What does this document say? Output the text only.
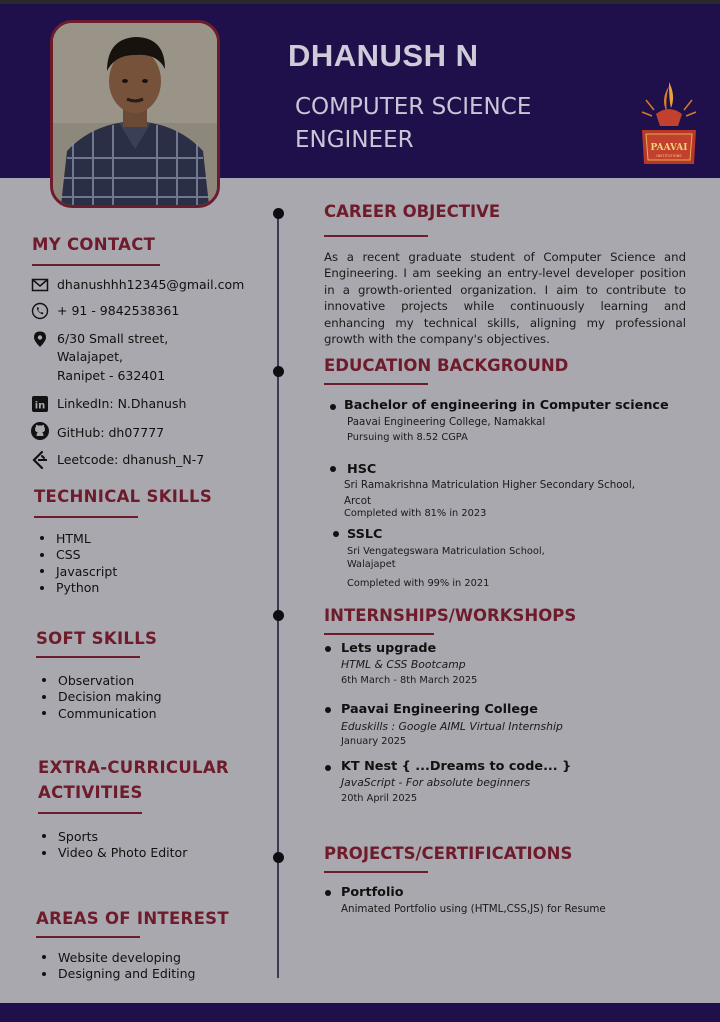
DHANUSH N
COMPUTER SCIENCE
ENGINEER	PAAVAI
INSTITUTIONS
MY CONTACT
dhanushhh12345@gmail.com
+ 91 - 9842538361
6/30 Small street,
Walajapet,
Ranipet - 632401
in LinkedIn: N.Dhanush
GitHub: dh07777
Leetcode: dhanush_N-7
TECHNICAL SKILLS
HTML
CSS
Javascript
Python
SOFT SKILLS
Observation
Decision making
Communication
EXTRA-CURRICULAR
ACTIVITIES
Sports
Video & Photo Editor
AREAS OF INTEREST
Website developing
Designing and Editing
CAREER OBJECTIVE
As a recent graduate student of Computer Science and Engineering. I am seeking an entry-level developer position in a growth-oriented organization. I aim to contribute to innovative projects while continuously learning and enhancing my technical skills, aligning my professional growth with the company's objectives.
EDUCATION BACKGROUND
Bachelor of engineering in Computer science
Paavai Engineering College, Namakkal
Pursuing with 8.52 CGPA
HSC
Sri Ramakrishna Matriculation Higher Secondary School,
Arcot
Completed with 81% in 2023
SSLC
Sri Vengategswara Matriculation School,
Walajapet
Completed with 99% in 2021
INTERNSHIPS/WORKSHOPS
Lets upgrade
HTML & CSS Bootcamp
6th March - 8th March 2025
Paavai Engineering College
Eduskills : Google AIML Virtual Internship
January 2025
KT Nest { ...Dreams to code... }
JavaScript - For absolute beginners
20th April 2025
PROJECTS/CERTIFICATIONS
Portfolio
Animated Portfolio using (HTML,CSS,JS) for Resume
